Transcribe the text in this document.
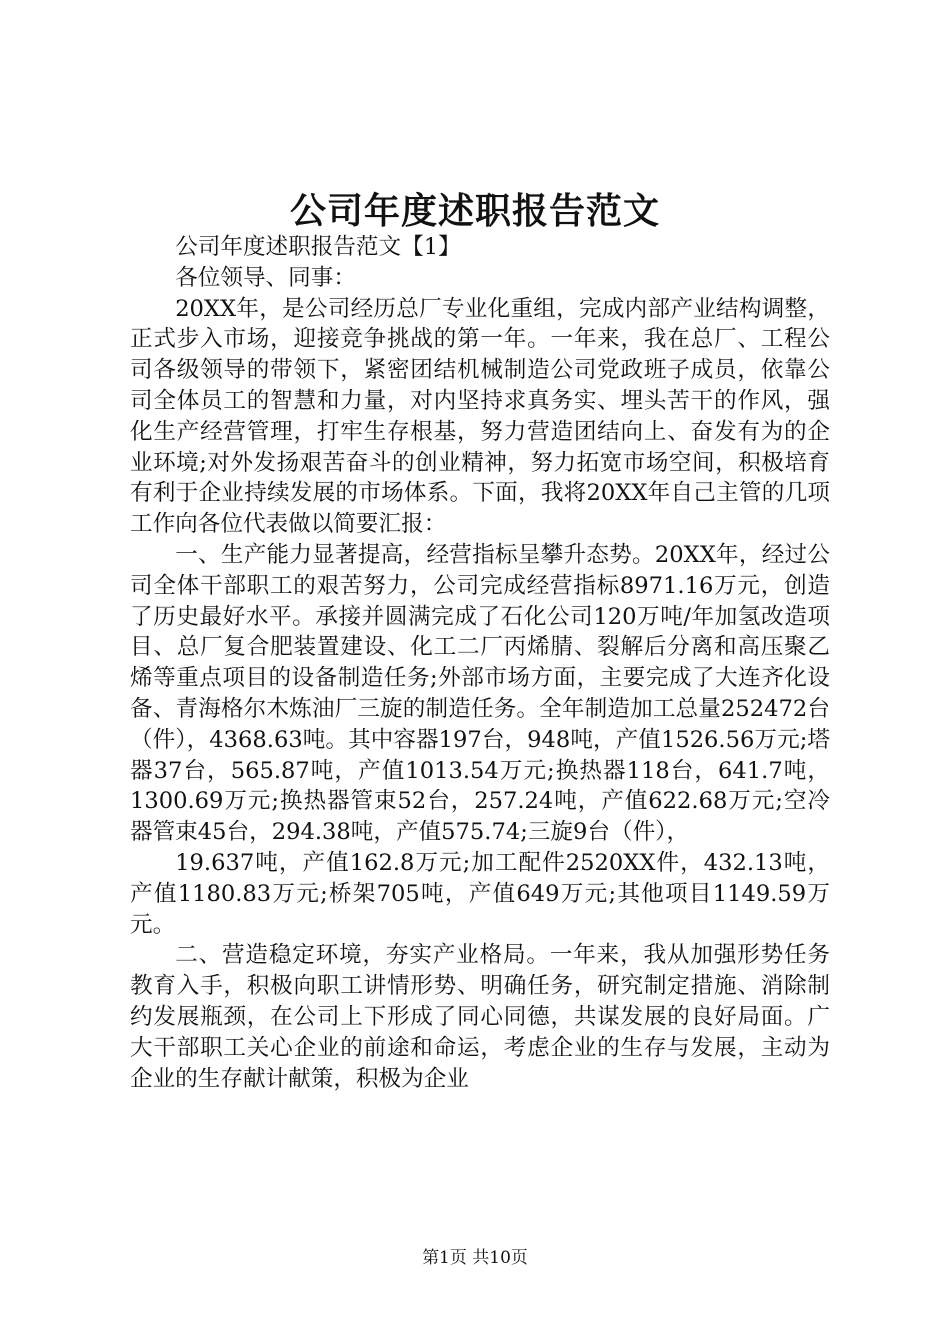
公司年度述职报告范文

公司年度述职报告范文【1】

各位领导、同事：

20XX年，是公司经历总厂专业化重组，完成内部产业结构调整，正式步入市场，迎接竞争挑战的第一年。一年来，我在总厂、工程公司各级领导的带领下，紧密团结机械制造公司党政班子成员，依靠公司全体员工的智慧和力量，对内坚持求真务实、埋头苦干的作风，强化生产经营管理，打牢生存根基，努力营造团结向上、奋发有为的企业环境;对外发扬艰苦奋斗的创业精神，努力拓宽市场空间，积极培育有利于企业持续发展的市场体系。下面，我将20XX年自己主管的几项工作向各位代表做以简要汇报：

一、生产能力显著提高，经营指标呈攀升态势。20XX年，经过公司全体干部职工的艰苦努力，公司完成经营指标8971.16万元，创造了历史最好水平。承接并圆满完成了石化公司120万吨/年加氢改造项目、总厂复合肥装置建设、化工二厂丙烯腈、裂解后分离和高压聚乙烯等重点项目的设备制造任务;外部市场方面，主要完成了大连齐化设备、青海格尔木炼油厂三旋的制造任务。全年制造加工总量252472台（件），4368.63吨。其中容器197台，948吨，产值1526.56万元;塔器37台，565.87吨，产值1013.54万元;换热器118台，641.7吨，1300.69万元;换热器管束52台，257.24吨，产值622.68万元;空冷器管束45台，294.38吨，产值575.74;三旋9台（件），

19.637吨，产值162.8万元;加工配件2520XX件，432.13吨，产值1180.83万元;桥架705吨，产值649万元;其他项目1149.59万元。

二、营造稳定环境，夯实产业格局。一年来，我从加强形势任务教育入手，积极向职工讲情形势、明确任务，研究制定措施、消除制约发展瓶颈，在公司上下形成了同心同德，共谋发展的良好局面。广大干部职工关心企业的前途和命运，考虑企业的生存与发展，主动为企业的生存献计献策，积极为企业

第1页 共10页
